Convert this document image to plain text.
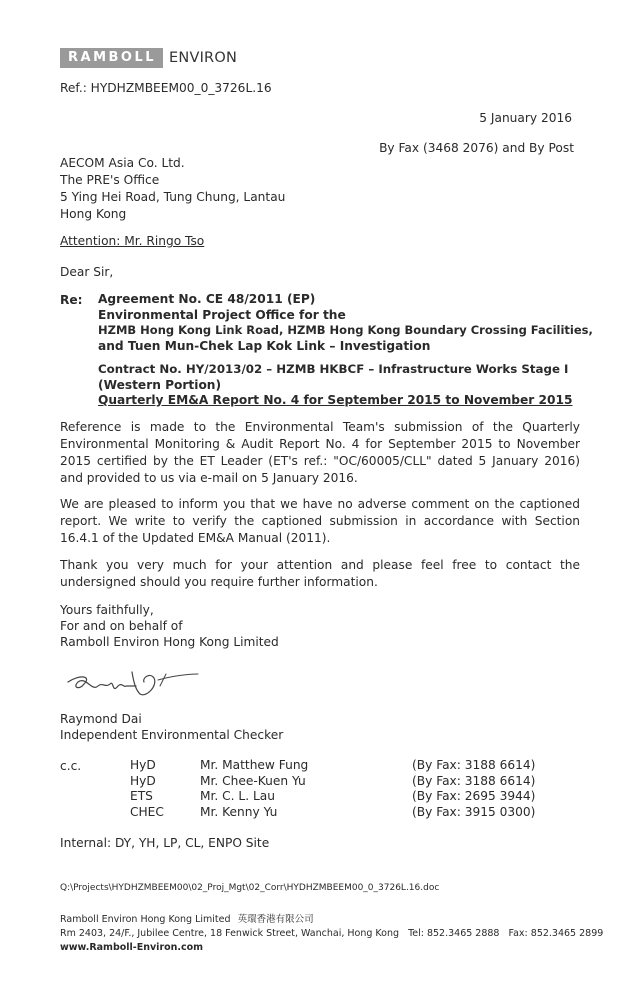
RAMBOLL ENVIRON
Ref.: HYDHZMBEEM00_0_3726L.16
5 January 2016
By Fax (3468 2076) and By Post
AECOM Asia Co. Ltd.
The PRE's Office
5 Ying Hei Road, Tung Chung, Lantau
Hong Kong
Attention: Mr. Ringo Tso
Dear Sir,
Re: Agreement No. CE 48/2011 (EP)
Environmental Project Office for the
HZMB Hong Kong Link Road, HZMB Hong Kong Boundary Crossing Facilities,
and Tuen Mun-Chek Lap Kok Link – Investigation
Contract No. HY/2013/02 – HZMB HKBCF – Infrastructure Works Stage I
(Western Portion)
Quarterly EM&A Report No. 4 for September 2015 to November 2015
Reference is made to the Environmental Team's submission of the Quarterly Environmental Monitoring & Audit Report No. 4 for September 2015 to November 2015 certified by the ET Leader (ET's ref.: "OC/60005/CLL" dated 5 January 2016) and provided to us via e-mail on 5 January 2016.
We are pleased to inform you that we have no adverse comment on the captioned report. We write to verify the captioned submission in accordance with Section 16.4.1 of the Updated EM&A Manual (2011).
Thank you very much for your attention and please feel free to contact the undersigned should you require further information.
Yours faithfully,
For and on behalf of
Ramboll Environ Hong Kong Limited
Raymond Dai
Independent Environmental Checker
c.c.	HyD
HyD
ETS
CHEC
Mr. Matthew Fung
Mr. Chee-Kuen Yu
Mr. C. L. Lau
Mr. Kenny Yu
(By Fax: 3188 6614)
(By Fax: 3188 6614)
(By Fax: 2695 3944)
(By Fax: 3915 0300)
Internal: DY, YH, LP, CL, ENPO Site
Q:\Projects\HYDHZMBEEM00\02_Proj_Mgt\02_Corr\HYDHZMBEEM00_0_3726L.16.doc
Ramboll Environ Hong Kong Limited 英環香港有限公司
Rm 2403, 24/F., Jubilee Centre, 18 Fenwick Street, Wanchai, Hong Kong Tel: 852.3465 2888 Fax: 852.3465 2899
www.Ramboll-Environ.com
